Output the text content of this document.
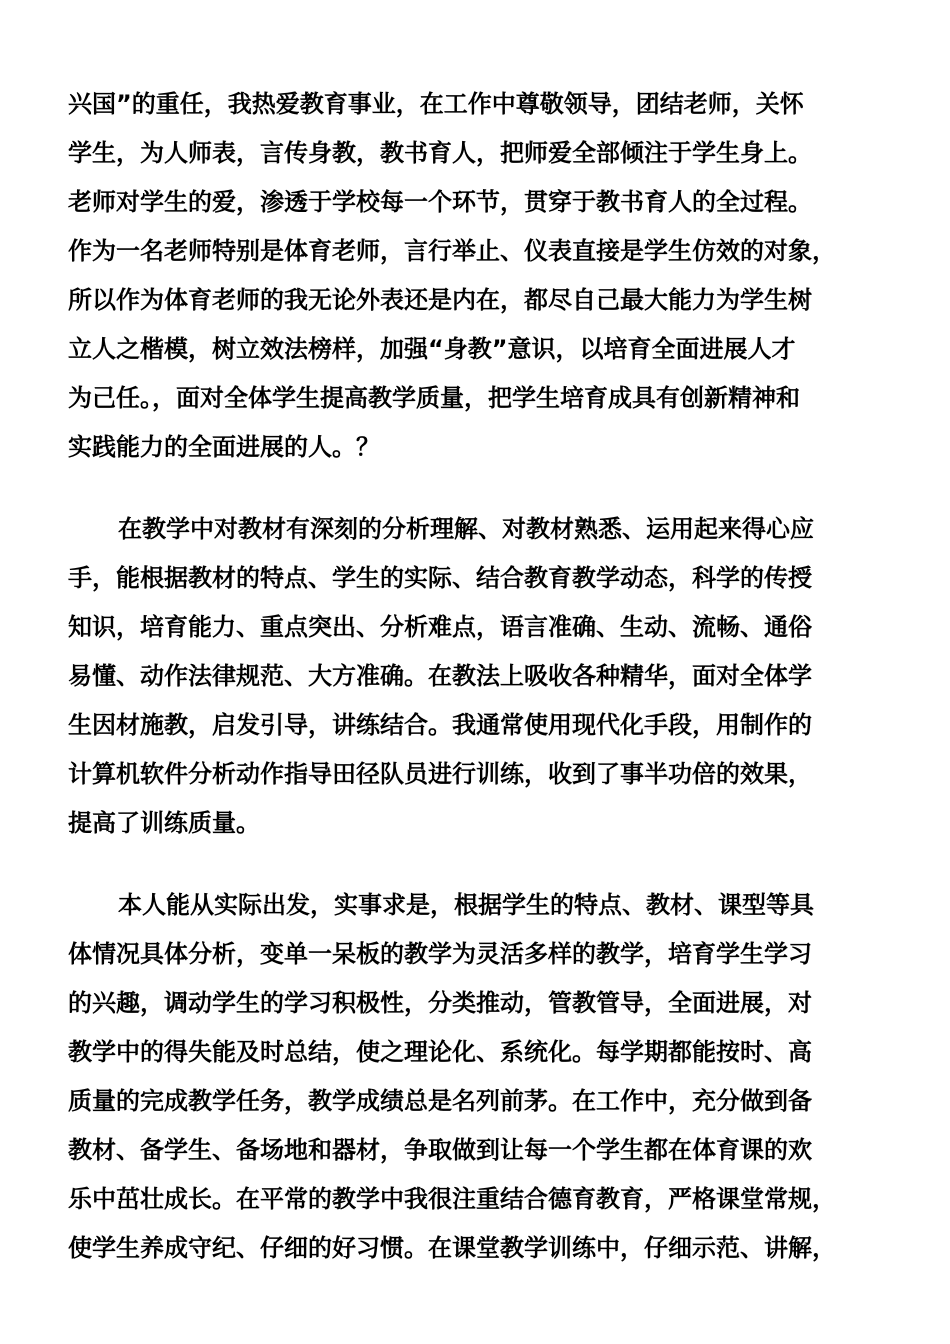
兴国”的重任，我热爱教育事业，在工作中尊敬领导，团结老师，关怀
学生，为人师表，言传身教，教书育人，把师爱全部倾注于学生身上。
老师对学生的爱，渗透于学校每一个环节，贯穿于教书育人的全过程。
作为一名老师特别是体育老师，言行举止、仪表直接是学生仿效的对象，
所以作为体育老师的我无论外表还是内在，都尽自己最大能力为学生树
立人之楷模，树立效法榜样，加强“身教”意识，以培育全面进展人才
为己任。，面对全体学生提高教学质量，把学生培育成具有创新精神和
实践能力的全面进展的人。？
在教学中对教材有深刻的分析理解、对教材熟悉、运用起来得心应
手，能根据教材的特点、学生的实际、结合教育教学动态，科学的传授
知识，培育能力、重点突出、分析难点，语言准确、生动、流畅、通俗
易懂、动作法律规范、大方准确。在教法上吸收各种精华，面对全体学
生因材施教，启发引导，讲练结合。我通常使用现代化手段，用制作的
计算机软件分析动作指导田径队员进行训练，收到了事半功倍的效果，
提高了训练质量。
本人能从实际出发，实事求是，根据学生的特点、教材、课型等具
体情况具体分析，变单一呆板的教学为灵活多样的教学，培育学生学习
的兴趣，调动学生的学习积极性，分类推动，管教管导，全面进展，对
教学中的得失能及时总结，使之理论化、系统化。每学期都能按时、高
质量的完成教学任务，教学成绩总是名列前茅。在工作中，充分做到备
教材、备学生、备场地和器材，争取做到让每一个学生都在体育课的欢
乐中茁壮成长。在平常的教学中我很注重结合德育教育，严格课堂常规，
使学生养成守纪、仔细的好习惯。在课堂教学训练中，仔细示范、讲解，
